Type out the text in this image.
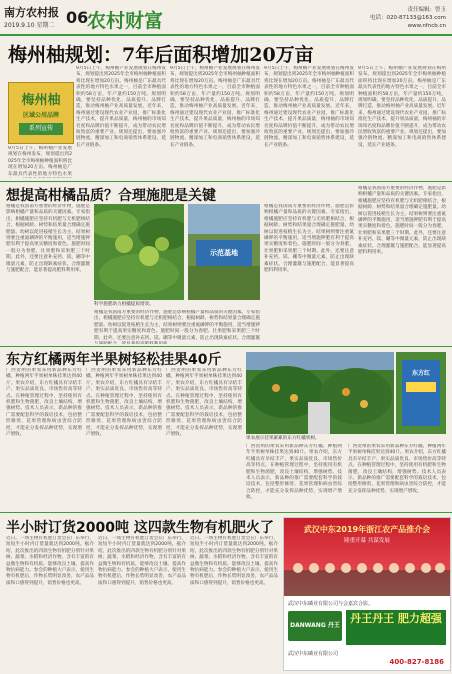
南方农村报
2019.9.10 星期二 06
农村财富	责任编辑：曾玉
电话：020-87133@163.com
www.nfncb.cn
梅州柚规划：7年后面积增加20万亩
梅州柚
区域公用品牌
系列宣传
9月5日上午，梅州柚产业发展规划在梅州发布，规划提出到2025年全市梅州柚种植面积将比现在增加20万亩。梅州柚是广东最具代表性的地方特色水果
9月5日上午，梅州柚产业发展规划在梅州发布，规划提出到2025年全市梅州柚种植面积将比现在增加20万亩。梅州柚是广东最具代表性的地方特色水果之一，目前全市种植面积约58万亩，年产量约150万吨。规划明确，要坚持品种优化、品质提升、品牌打造，推动梅州柚产业高质量发展。近年来，梅州通过建设现代农业产业园，推广标准化生产技术，提升果品质量，梅州柚的市场知名度和品牌价值不断提升，成为带动农民增收致富的重要产业。规划还提出，要加强冷链物流、精深加工和电商销售体系建设，延长产业链条。
9月5日上午，梅州柚产业发展规划在梅州发布，规划提出到2025年全市梅州柚种植面积将比现在增加20万亩。梅州柚是广东最具代表性的地方特色水果之一，目前全市种植面积约58万亩，年产量约150万吨。规划明确，要坚持品种优化、品质提升、品牌打造，推动梅州柚产业高质量发展。近年来，梅州通过建设现代农业产业园，推广标准化生产技术，提升果品质量，梅州柚的市场知名度和品牌价值不断提升，成为带动农民增收致富的重要产业。规划还提出，要加强冷链物流、精深加工和电商销售体系建设，延长产业链条。
9月5日上午，梅州柚产业发展规划在梅州发布，规划提出到2025年全市梅州柚种植面积将比现在增加20万亩。梅州柚是广东最具代表性的地方特色水果之一，目前全市种植面积约58万亩，年产量约150万吨。规划明确，要坚持品种优化、品质提升、品牌打造，推动梅州柚产业高质量发展。近年来，梅州通过建设现代农业产业园，推广标准化生产技术，提升果品质量，梅州柚的市场知名度和品牌价值不断提升，成为带动农民增收致富的重要产业。规划还提出，要加强冷链物流、精深加工和电商销售体系建设，延长产业链条。
9月5日上午，梅州柚产业发展规划在梅州发布，规划提出到2025年全市梅州柚种植面积将比现在增加20万亩。梅州柚是广东最具代表性的地方特色水果之一，目前全市种植面积约58万亩，年产量约150万吨。规划明确，要坚持品种优化、品质提升、品牌打造，推动梅州柚产业高质量发展。近年来，梅州通过建设现代农业产业园，推广标准化生产技术，提升果品质量，梅州柚的市场知名度和品牌价值不断提升，成为带动农民增收致富的重要产业。规划还提出，要加强冷链物流、精深加工和电商销售体系建设，延长产业链条。
想提高柑橘品质？合理施肥是关键
柑橘是我国南方重要的经济作物，施肥是影响柑橘产量和品质的关键因素。专家指出，柑橘施肥应坚持有机肥与无机肥相结合，根据树龄、树势和结果量合理确定施肥量。幼树以促进枝梢生长为主，结果树则要注重氮磷钾的平衡施用，适当增施钾肥有利于提高果实糖度和着色。施肥时间一般分为春肥、壮果肥和采果肥三个时期。此外，还要注意补充钙、镁、硼等中微量元素，防止出现缺素症状。合理灌溉与施肥配合，能显著提高肥料利用率。
示范基地
科学施肥助力柑橘提质增效。
柑橘是我国南方重要的经济作物，施肥是影响柑橘产量和品质的关键因素。专家指出，柑橘施肥应坚持有机肥与无机肥相结合，根据树龄、树势和结果量合理确定施肥量。幼树以促进枝梢生长为主，结果树则要注重氮磷钾的平衡施用，适当增施钾肥有利于提高果实糖度和着色。施肥时间一般分为春肥、壮果肥和采果肥三个时期。此外，还要注意补充钙、镁、硼等中微量元素，防止出现缺素症状。合理灌溉
柑橘是我国南方重要的经济作物，施肥是影响柑橘产量和品质的关键因素。专家指出，柑橘施肥应坚持有机肥与无机肥相结合，根据树龄、树势和结果量合理确定施肥量。幼树以促进枝梢生长为主，结果树则要注重氮磷钾的平衡施用，适当增施钾肥有利于提高果实糖度和着色。施肥时间一般分为春肥、壮果肥和采果肥三个时期。此外，还要注意补充钙、镁、硼等中微量元素，防止出现缺素症状。合理灌溉与施肥配合，能显著提高肥料利用率。
柑橘是我国南方重要的经济作物，施肥是影响柑橘产量和品质的关键因素。专家指出，柑橘施肥应坚持有机肥与无机肥相结合，根据树龄、树势和结果量合理确定施肥量。幼树以促进枝梢生长为主，结果树则要注重氮磷钾的平衡施用，适当增施钾肥有利于提高果实糖度和着色。施肥时间一般分为春肥、壮果肥和采果肥三个时期。此外，还要注意补充钙、镁、硼等中微量元素，防止出现缺素症状。合理灌溉与施肥配合，能显著提高肥料利用率。
东方红橘两年半果树轻松挂果40斤
广西贺州的果农采用新品种东方红橘，种植两年半果树单株挂果达到40斤。果农介绍，东方红橘具有早结丰产、果实品质优良、市场售价高等特点。在种植管理过程中，坚持使用有机肥和生物菌肥，改良土壤结构，增强树势。技术人员表示，新品种的推广需要配套科学的栽培技术，包括整形修剪、花果管理和病虫害综合防控，才能充分发挥品种优势，实现增产增收。
广西贺州的果农采用新品种东方红橘，种植两年半果树单株挂果达到40斤。果农介绍，东方红橘具有早结丰产、果实品质优良、市场售价高等特点。在种植管理过程中，坚持使用有机肥和生物菌肥，改良土壤结构，增强树势。技术人员表示，新品种的推广需要配套科学的栽培技术，包括整形修剪、花果管理和病虫害综合防控，才能充分发挥品种优势，实现增产增收。
广西贺州的果农采用新品种东方红橘，种植两年半果树单株挂果达到40斤。果农介绍，东方红橘具有早结丰产、果实品质优良、市场售价高等特点。在种植管理过程中，坚持使用有机肥和生物菌肥，改良土壤结构，增强树势。技术人员表示，新品种的推广需要配套科学的栽培技术，包括整形修剪、花果管理和病虫害综合防控，才能充分发挥品种优势，实现增产增收。
东方红
果农展示挂果累累的东方红橘果树。
广西贺州的果农采用新品种东方红橘，种植两年半果树单株挂果达到40斤。果农介绍，东方红橘具有早结丰产、果实品质优良、市场售价高等特点。在种植管理过程中，坚持使用有机肥和生物菌肥，改良土壤结构，增强树势。技术人员表示，新品种的推广需要配套科学的栽培技术，包括整形修剪、花果管理和病虫害综合防控，才能充分发挥品种优势，实现增产增收。
广西贺州的果农采用新品种东方红橘，种植两年半果树单株挂果达到40斤。果农介绍，东方红橘具有早结丰产、果实品质优良、市场售价高等特点。在种植管理过程中，坚持使用有机肥和生物菌肥，改良土壤结构，增强树势。技术人员表示，新品种的推广需要配套科学的栽培技术，包括整形修剪、花果管理和病虫害综合防控，才能充分发挥品种优势，实现增产增收。
半小时订货2000吨 这四款生物有机肥火了
近日，一场生物有机肥订货会在广东举行，短短半小时内订货量就达到2000吨。据介绍，此次推出的四款生物有机肥分别针对果树、蔬菜、水稻和经济作物，含有丰富的有益微生物和有机质，能够改良土壤、提高作物抗病能力。参会的种植大户表示，使用生物有机肥后，作物长势明显改善，农产品品质和口感得到提升，销售价格也更高。
近日，一场生物有机肥订货会在广东举行，短短半小时内订货量就达到2000吨。据介绍，此次推出的四款生物有机肥分别针对果树、蔬菜、水稻和经济作物，含有丰富的有益微生物和有机质，能够改良土壤、提高作物抗病能力。参会的种植大户表示，使用生物有机肥后，作物长势明显改善，农产品品质和口感得到提升，销售价格也更高。
近日，一场生物有机肥订货会在广东举行，短短半小时内订货量就达到2000吨。据介绍，此次推出的四款生物有机肥分别针对果树、蔬菜、水稻和经济作物，含有丰富的有益微生物和有机质，能够改良土壤、提高作物抗病能力。参会的种植大户表示，使用生物有机肥后，作物长势明显改善，农产品品质和口感得到提升，销售价格也更高。
武汉中东2019年浙江农产品推介会
隆重开幕 共谋发展
武汉中东磷业有限公司与会嘉宾合影。
DANWANG 丹王
丹王丹王 肥力超强
武汉中东磷业有限公司
400-827-8186
